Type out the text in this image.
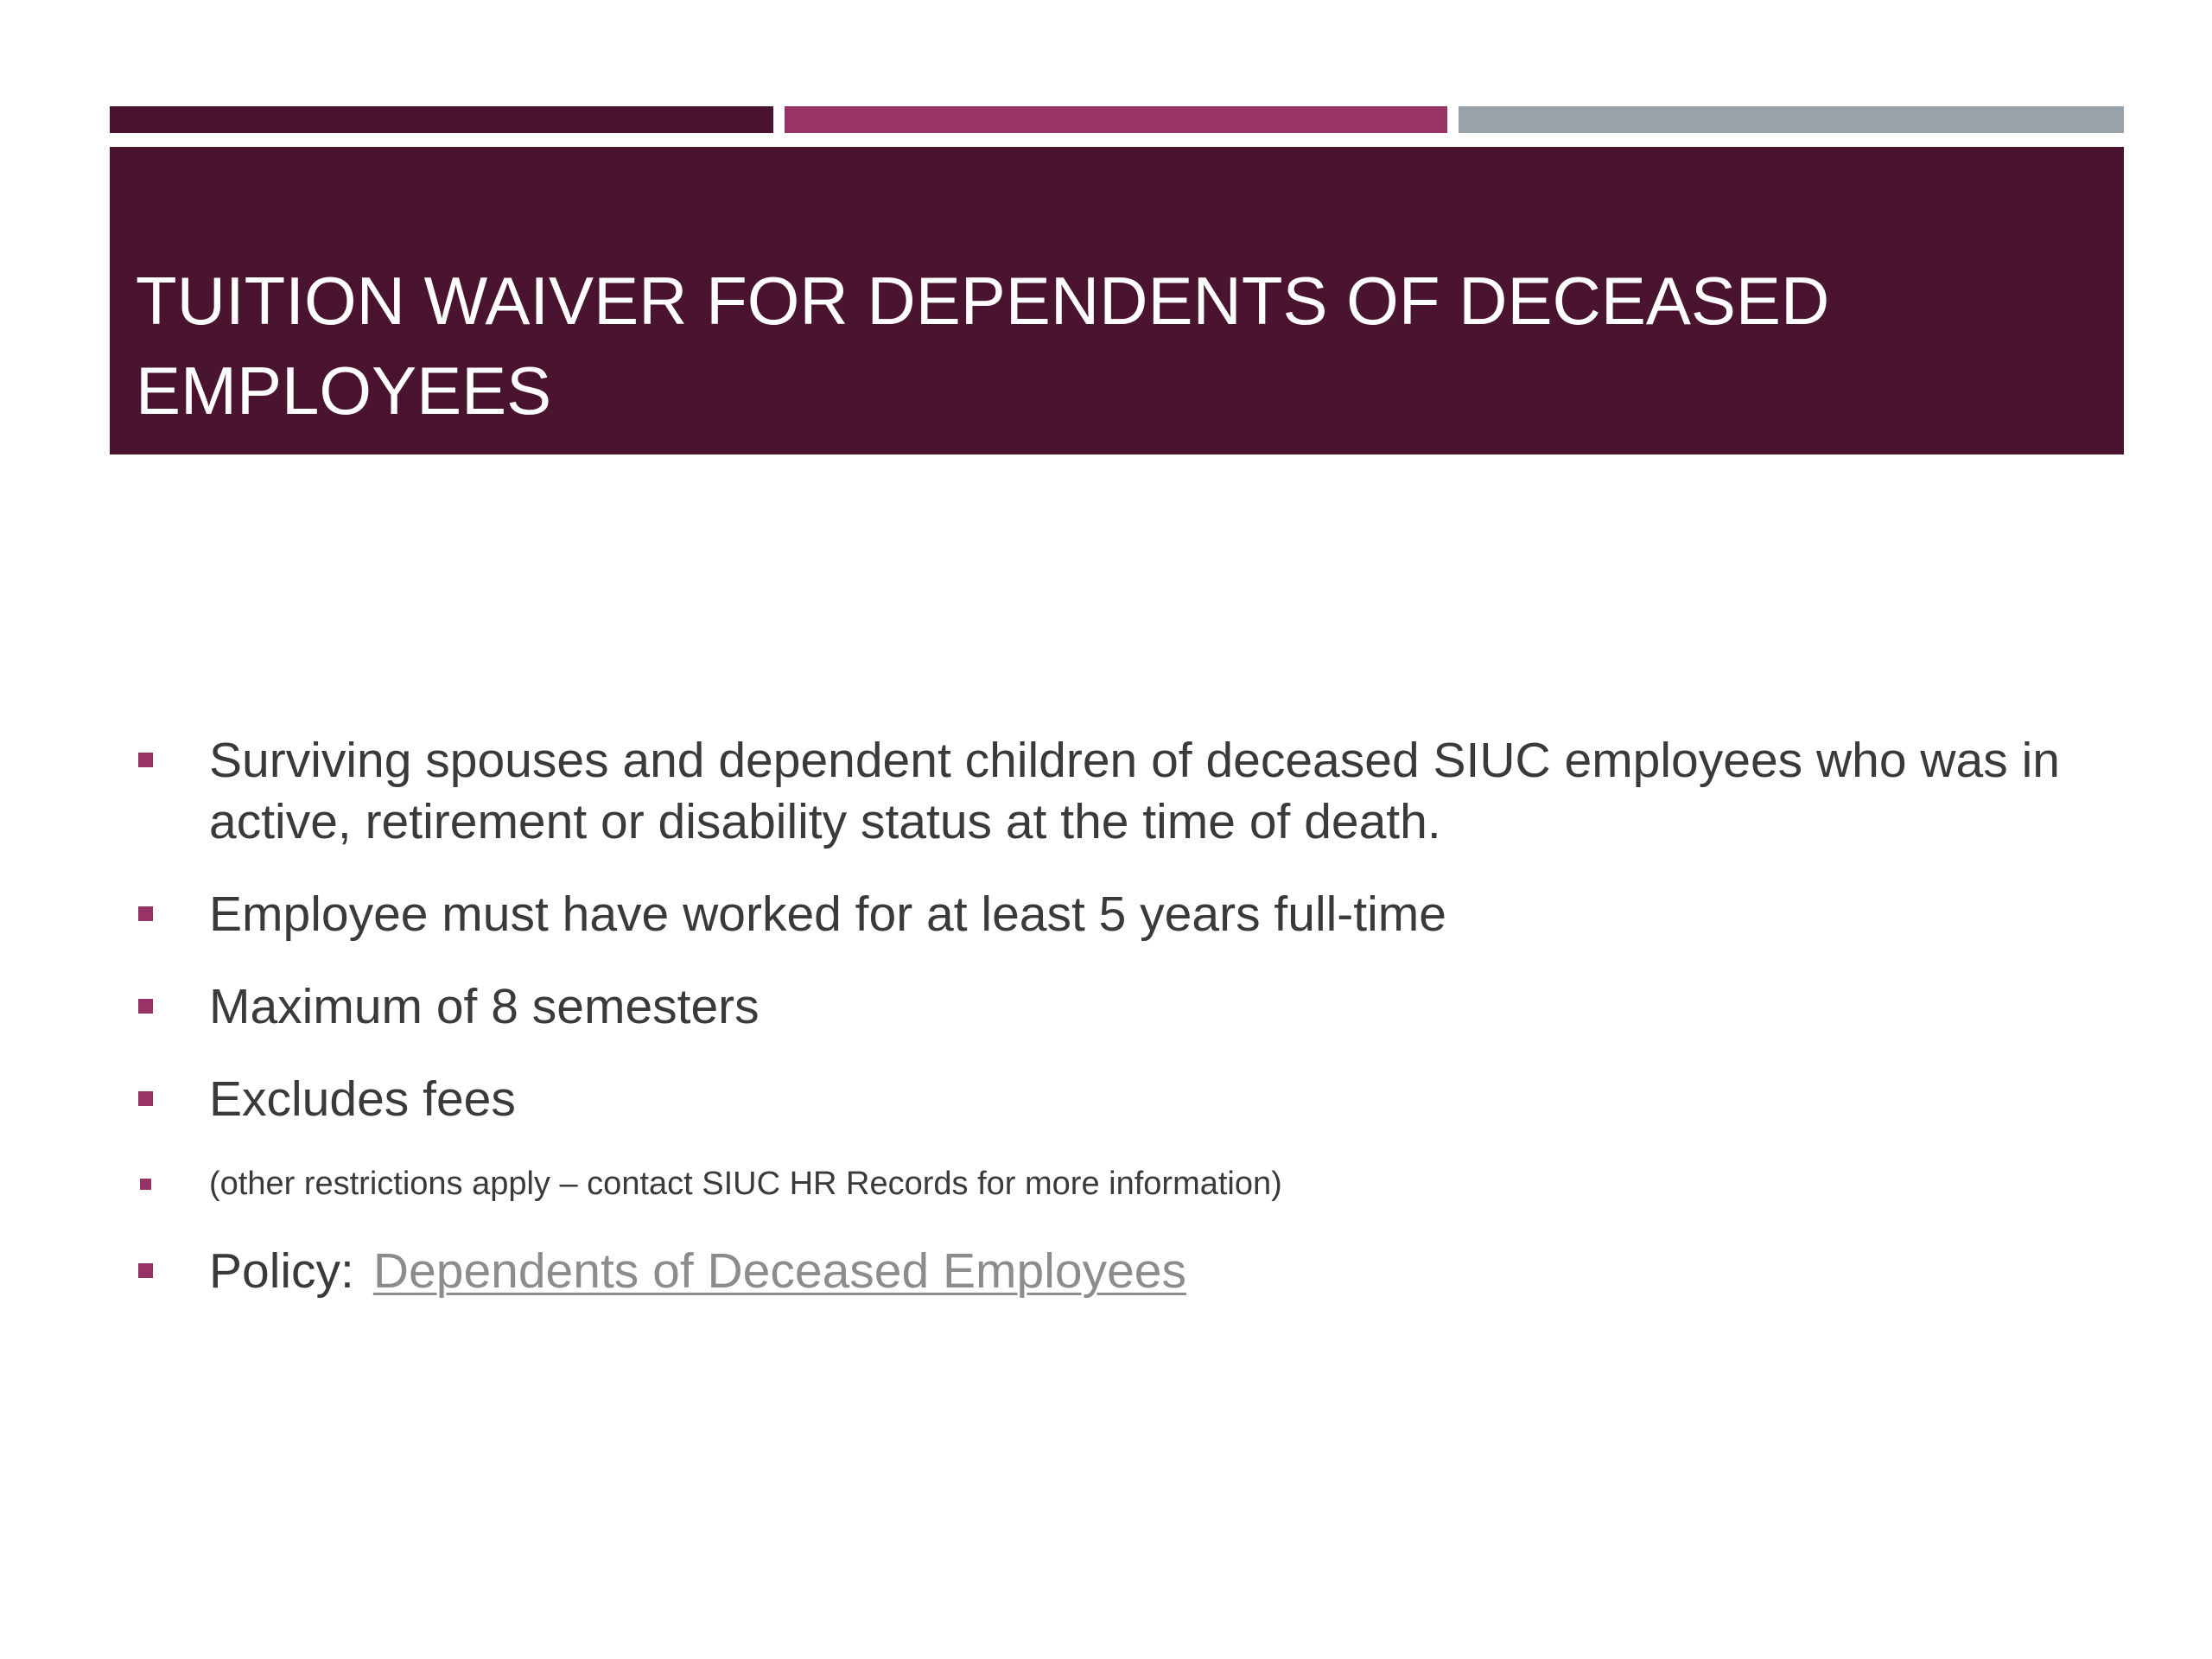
TUITION WAIVER FOR DEPENDENTS OF DECEASED EMPLOYEES
Surviving spouses and dependent children of deceased SIUC employees who was in active, retirement or disability status at the time of death.
Employee must have worked for at least 5 years full-time
Maximum of 8 semesters
Excludes fees
(other restrictions apply – contact SIUC HR Records for more information)
Policy: Dependents of Deceased Employees
